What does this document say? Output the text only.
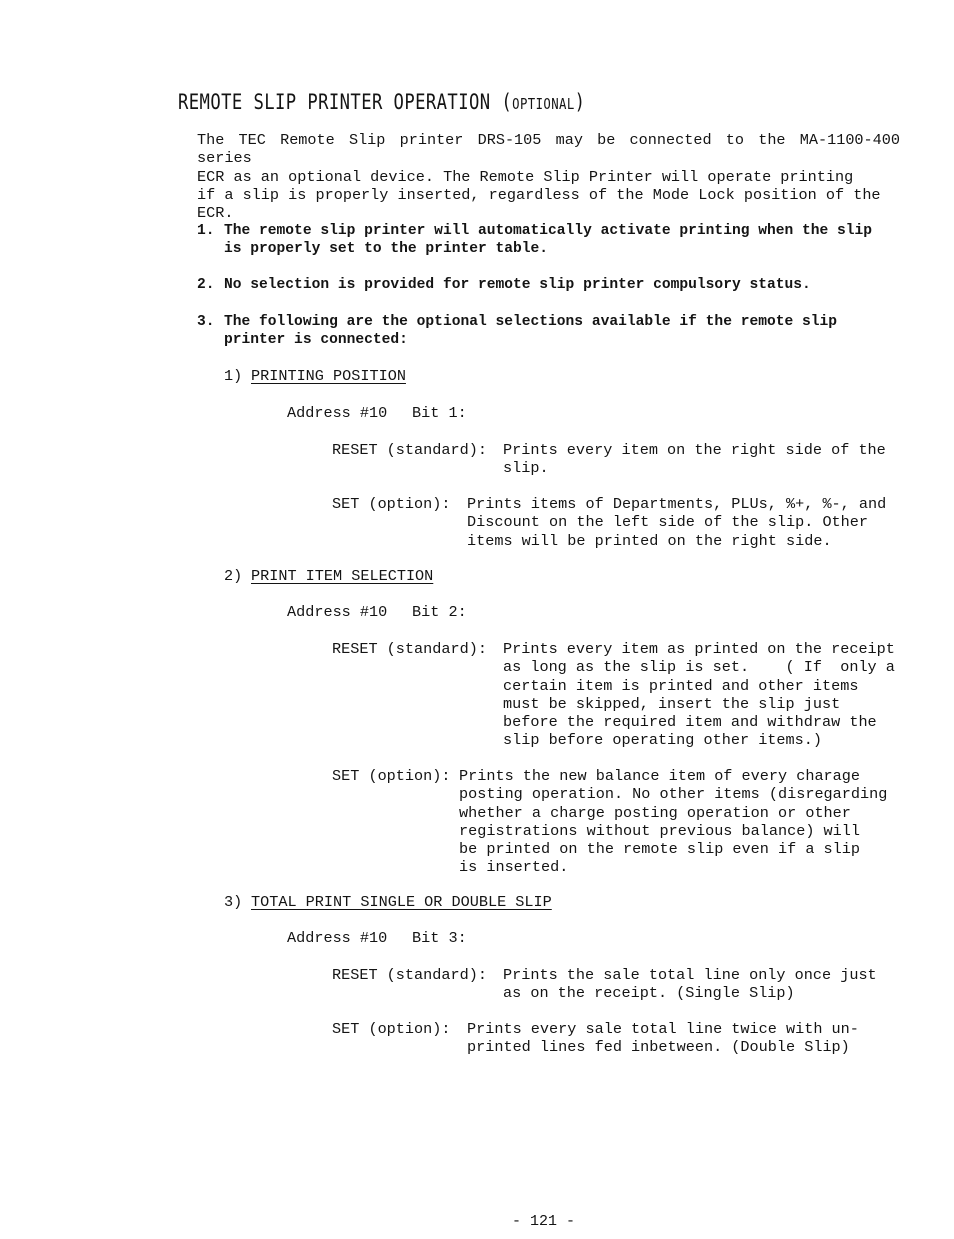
REMOTE SLIP PRINTER OPERATION (OPTIONAL)
The TEC Remote Slip printer DRS-105 may be connected to the MA-1100-400 series
ECR as an optional device. The Remote Slip Printer will operate printing
if a slip is properly inserted, regardless of the Mode Lock position of the
ECR.
1. The remote slip printer will automatically activate printing when the slip
is properly set to the printer table.
2. No selection is provided for remote slip printer compulsory status.
3. The following are the optional selections available if the remote slip
printer is connected:
1) PRINTING POSITION
Address #10 Bit 1:
RESET (standard): Prints every item on the right side of the
slip.
SET (option): Prints items of Departments, PLUs, %+, %-, and
Discount on the left side of the slip. Other
items will be printed on the right side.
2) PRINT ITEM SELECTION
Address #10 Bit 2:
RESET (standard): Prints every item as printed on the receipt
as long as the slip is set.    ( If  only a
certain item is printed and other items
must be skipped, insert the slip just
before the required item and withdraw the
slip before operating other items.)
SET (option): Prints the new balance item of every charage
posting operation. No other items (disregarding
whether a charge posting operation or other
registrations without previous balance) will
be printed on the remote slip even if a slip
is inserted.
3) TOTAL PRINT SINGLE OR DOUBLE SLIP
Address #10 Bit 3:
RESET (standard): Prints the sale total line only once just
as on the receipt. (Single Slip)
SET (option): Prints every sale total line twice with un-
printed lines fed inbetween. (Double Slip)
- 121 -
